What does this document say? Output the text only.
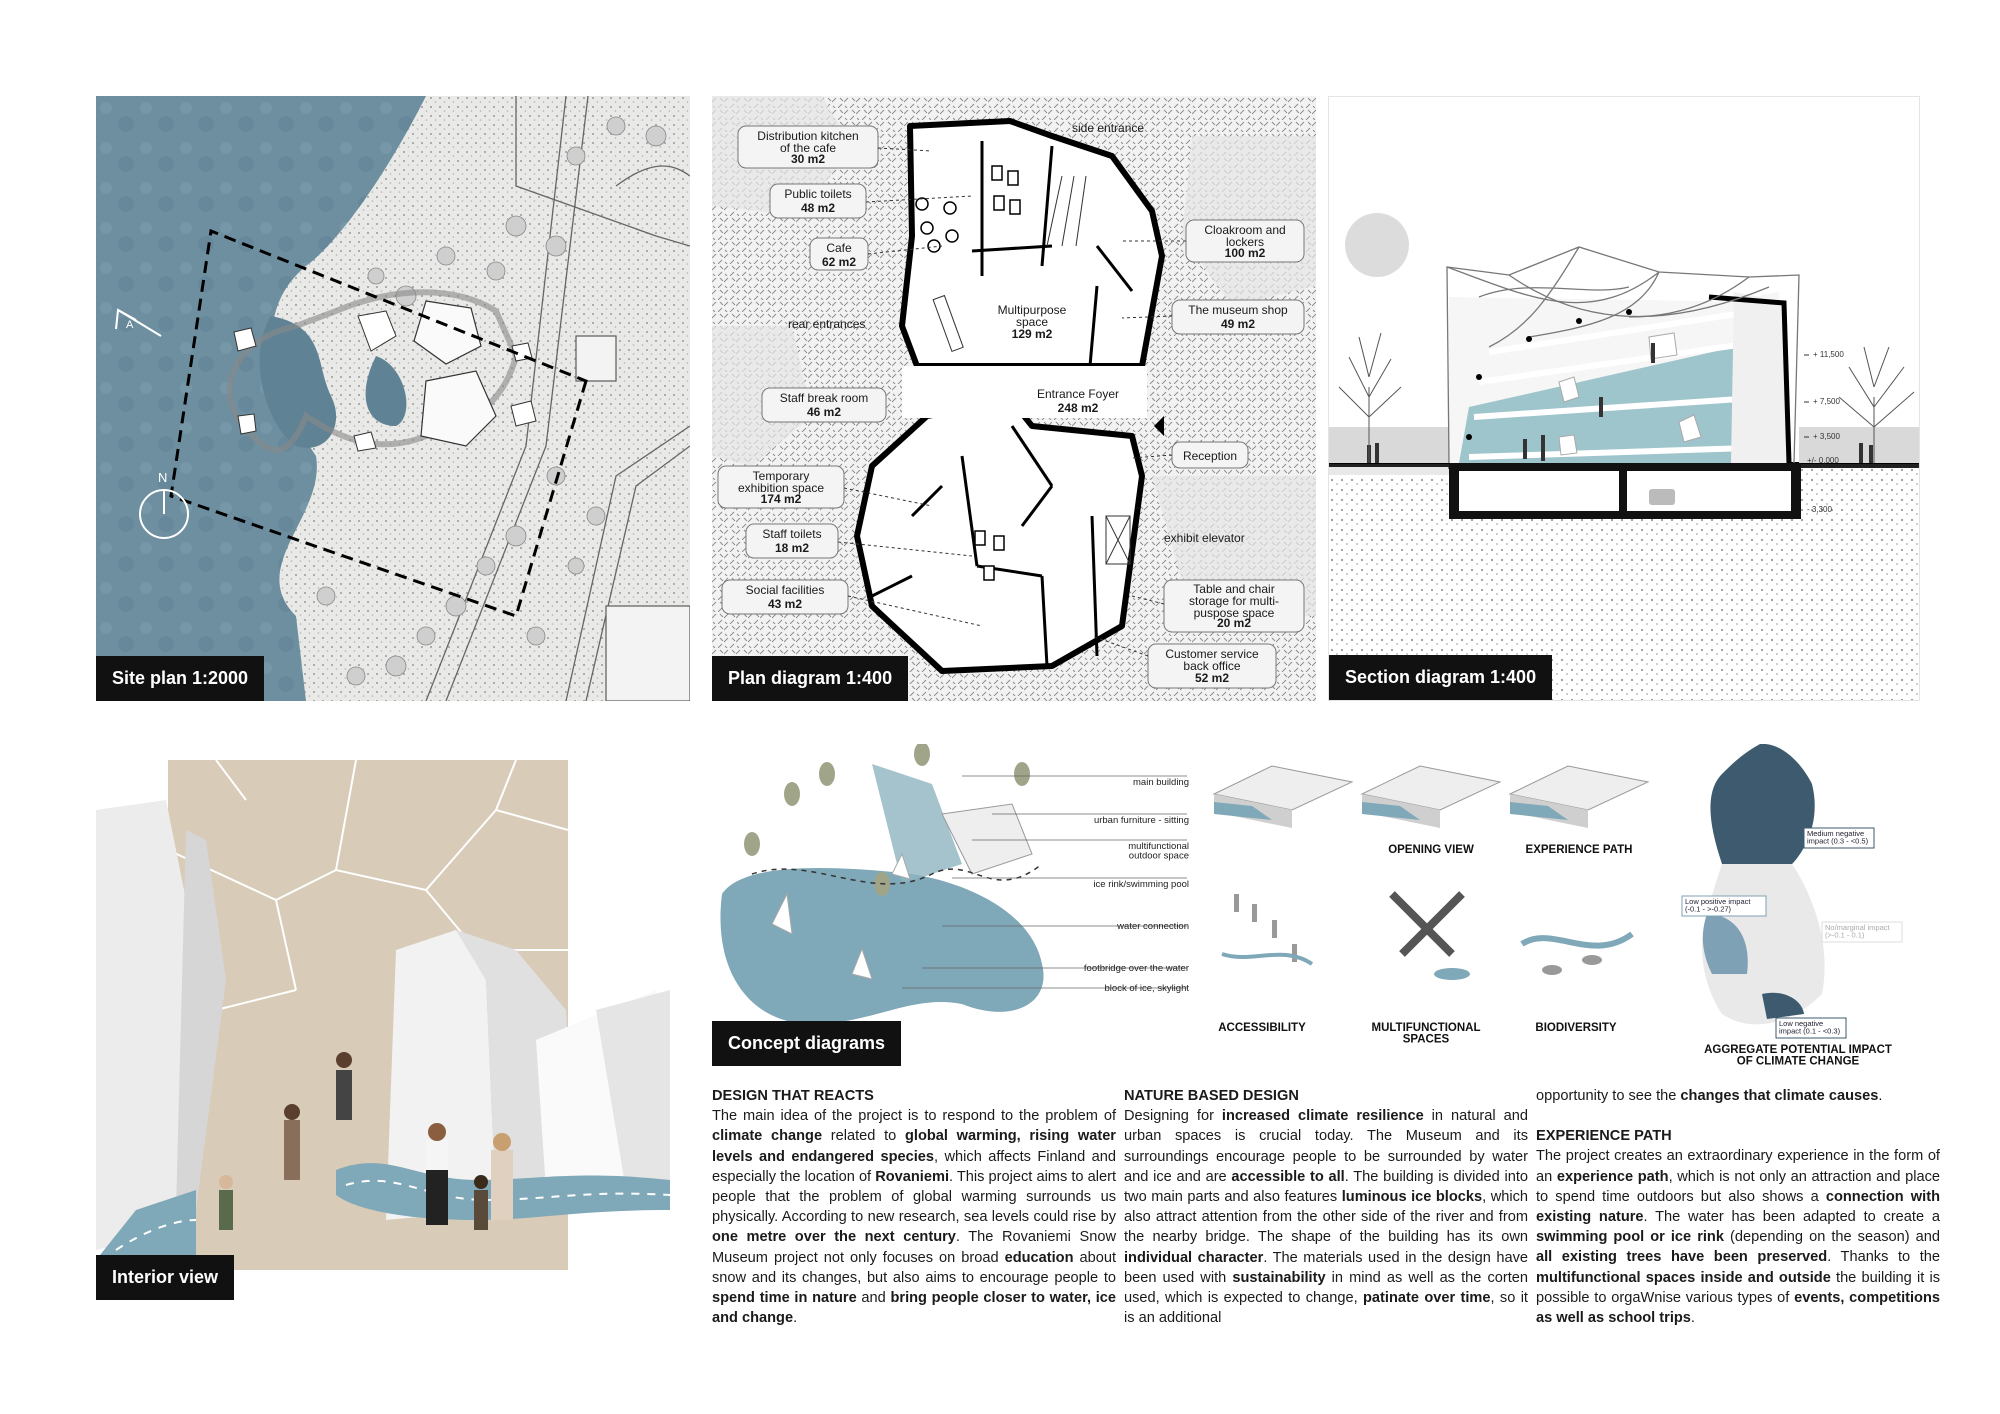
N
A
Site plan 1:2000
Distribution kitchen of the cafe
30 m2
Public toilets
48 m2
Cafe
62 m2
rear entrances
Multipurpose space
129 m2
Cloakroom and lockers
100 m2
The museum shop
49 m2
side entrance
Entrance Foyer
248 m2
Staff break room
46 m2
Reception
Temporary exhibition space
174 m2
exhibit elevator
Staff toilets
18 m2
Table and chair storage for multi-puspose space
20 m2
Social facilities
43 m2
Customer service back office
52 m2
Plan diagram 1:400
+ 11,500
+ 7,500
+ 3,500
+/- 0,000
- 3,300
Section diagram 1:400
Interior view
main building
urban furniture - sitting
multifunctional outdoor space
ice rink/swimming pool
water connection
footbridge over the water
block of ice, skylight
OPENING VIEW	EXPERIENCE PATH
ACCESSIBILITY	MULTIFUNCTIONAL SPACES
BIODIVERSITY
Medium negative impact (0.3 - <0.5)
Low positive impact (-0.1 - >-0.27)
No/marginal impact (>-0.1 - 0.1)
Low negative impact (0.1 - <0.3)
AGGREGATE POTENTIAL IMPACT OF CLIMATE CHANGE
Concept diagrams
DESIGN THAT REACTS

The main idea of the project is to respond to the problem of climate change related to global warming, rising water levels and endangered species, which affects Finland and especially the location of Rovaniemi. This project aims to alert people that the problem of global warming surrounds us physically. According to new research, sea levels could rise by one metre over the next century. The Rovaniemi Snow Museum project not only focuses on broad education about snow and its changes, but also aims to encourage people to spend time in nature and bring people closer to water, ice and change.

NATURE BASED DESIGN

Designing for increased climate resilience in natural and urban spaces is crucial today. The Museum and its surroundings encourage people to be surrounded by water and ice and are accessible to all. The building is divided into two main parts and also features luminous ice blocks, which also attract attention from the other side of the river and from the nearby bridge. The shape of the building has its own individual character. The materials used in the design have been used with sustainability in mind as well as the corten used, which is expected to change, patinate over time, so it is an additional

opportunity to see the changes that climate causes.

EXPERIENCE PATH

The project creates an extraordinary experience in the form of an experience path, which is not only an attraction and place to spend time outdoors but also shows a connection with existing nature. The water has been adapted to create a swimming pool or ice rink (depending on the season) and all existing trees have been preserved. Thanks to the multifunctional spaces inside and outside the building it is possible to orgaWnise various types of events, competitions as well as school trips.
